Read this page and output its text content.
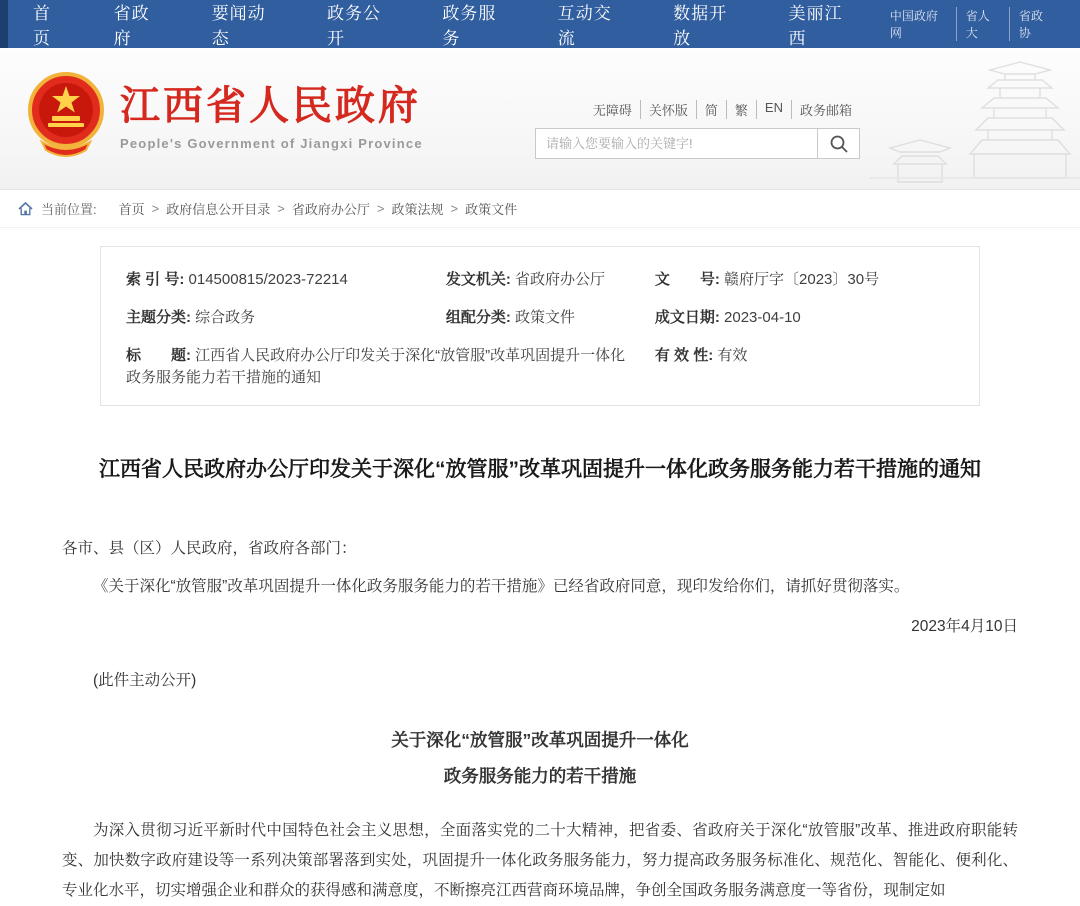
首页
省政府
要闻动态
政务公开
政务服务
互动交流
数据开放
美丽江西
中国政府网
省人大
省政协
江西省人民政府
People's Government of Jiangxi Province
无障碍	关怀版	简	繁	EN	政务邮箱
请输入您要输入的关键字!
当前位置: 首页 > 政府信息公开目录 > 省政府办公厅 > 政策法规 > 政策文件
索 引 号: 014500815/2023-72214	发文机关: 省政府办公厅	文　　号: 赣府厅字〔2023〕30号
主题分类: 综合政务	组配分类: 政策文件	成文日期: 2023-04-10
标　　题: 江西省人民政府办公厅印发关于深化“放管服”改革巩固提升一体化政务服务能力若干措施的通知
有 效 性: 有效
江西省人民政府办公厅印发关于深化“放管服”改革巩固提升一体化政务服务能力若干措施的通知

各市、县（区）人民政府，省政府各部门：

《关于深化“放管服”改革巩固提升一体化政务服务能力的若干措施》已经省政府同意，现印发给你们，请抓好贯彻落实。

2023年4月10日

(此件主动公开)

关于深化“放管服”改革巩固提升一体化
政务服务能力的若干措施

为深入贯彻习近平新时代中国特色社会主义思想，全面落实党的二十大精神，把省委、省政府关于深化“放管服”改革、推进政府职能转变、加快数字政府建设等一系列决策部署落到实处，巩固提升一体化政务服务能力，努力提高政务服务标准化、规范化、智能化、便利化、专业化水平，切实增强企业和群众的获得感和满意度，不断擦亮江西营商环境品牌，争创全国政务服务满意度一等省份，现制定如
